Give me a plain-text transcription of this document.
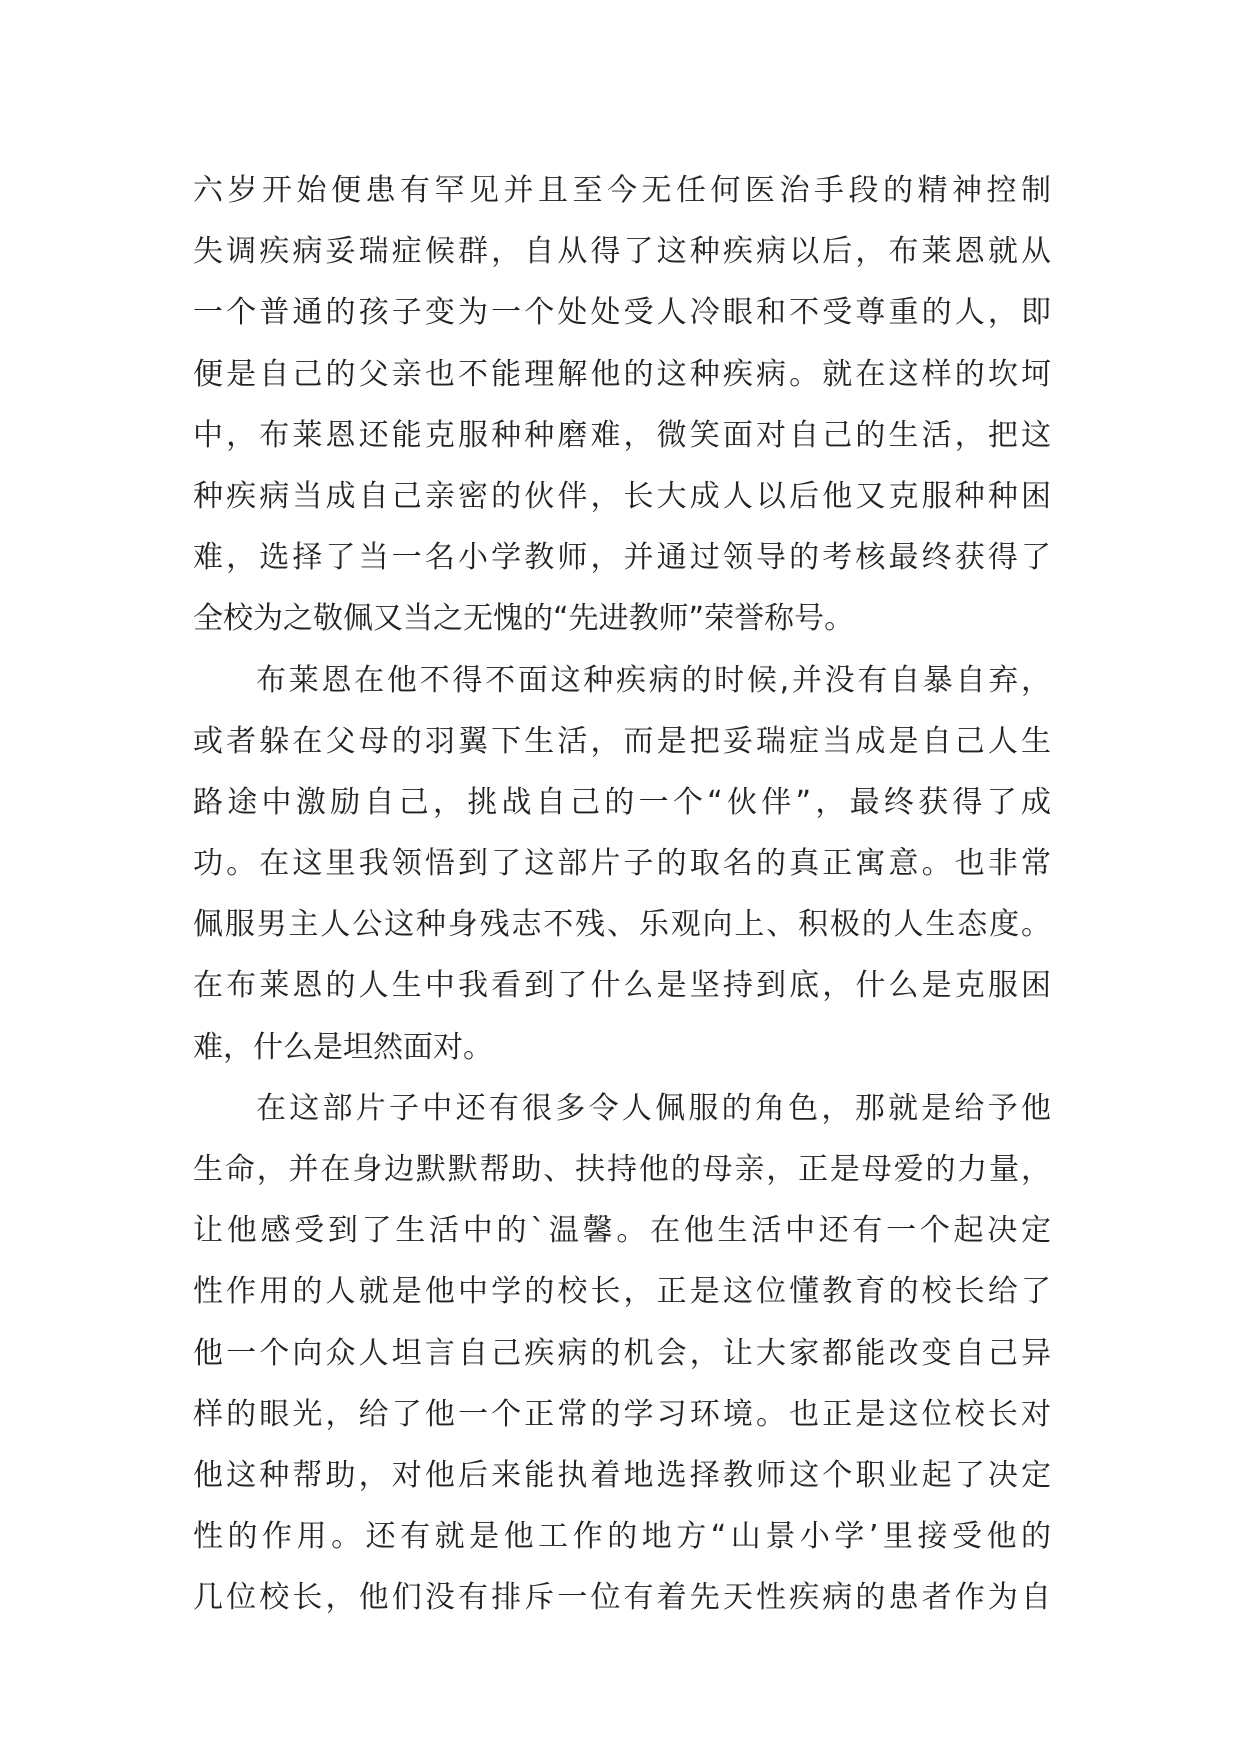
六岁开始便患有罕见并且至今无任何医治手段的精神控制
失调疾病妥瑞症候群，自从得了这种疾病以后，布莱恩就从
一个普通的孩子变为一个处处受人冷眼和不受尊重的人，即
便是自己的父亲也不能理解他的这种疾病。就在这样的坎坷
中，布莱恩还能克服种种磨难，微笑面对自己的生活，把这
种疾病当成自己亲密的伙伴，长大成人以后他又克服种种困
难，选择了当一名小学教师，并通过领导的考核最终获得了
全校为之敬佩又当之无愧的“先进教师”荣誉称号。
布莱恩在他不得不面这种疾病的时候,并没有自暴自弃，
或者躲在父母的羽翼下生活，而是把妥瑞症当成是自己人生
路途中激励自己，挑战自己的一个“伙伴”，最终获得了成
功。在这里我领悟到了这部片子的取名的真正寓意。也非常
佩服男主人公这种身残志不残、乐观向上、积极的人生态度。
在布莱恩的人生中我看到了什么是坚持到底，什么是克服困
难，什么是坦然面对。
在这部片子中还有很多令人佩服的角色，那就是给予他
生命，并在身边默默帮助、扶持他的母亲，正是母爱的力量，
让他感受到了生活中的`温馨。在他生活中还有一个起决定
性作用的人就是他中学的校长，正是这位懂教育的校长给了
他一个向众人坦言自己疾病的机会，让大家都能改变自己异
样的眼光，给了他一个正常的学习环境。也正是这位校长对
他这种帮助，对他后来能执着地选择教师这个职业起了决定
性的作用。还有就是他工作的地方“山景小学’里接受他的
几位校长，他们没有排斥一位有着先天性疾病的患者作为自
